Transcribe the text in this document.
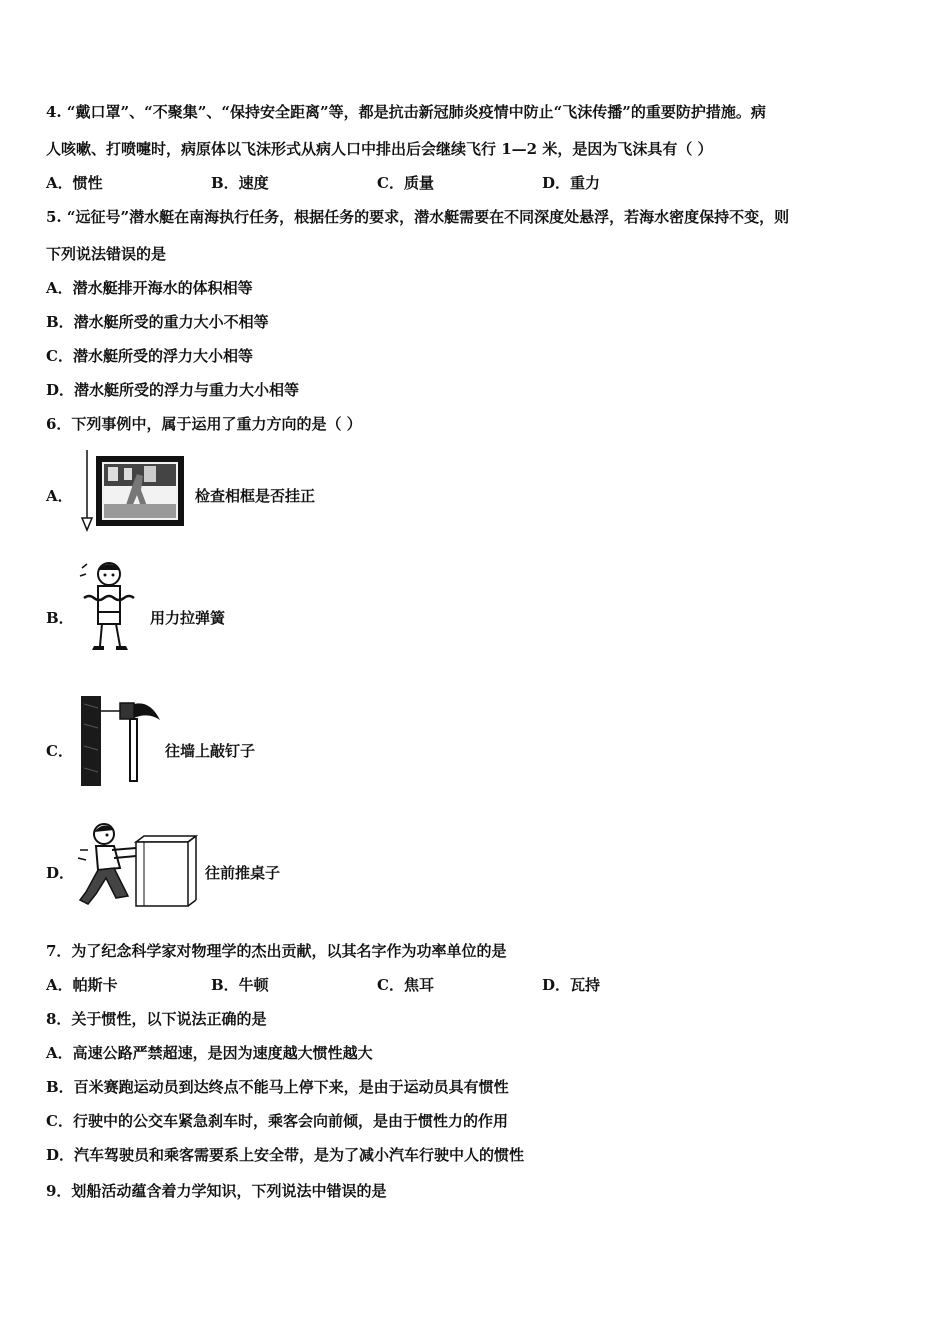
4. “戴口罩”、“不聚集”、“保持安全距离”等，都是抗击新冠肺炎疫情中防止“飞沫传播”的重要防护措施。病
人咳嗽、打喷嚏时，病原体以飞沫形式从病人口中排出后会继续飞行 1—2 米，是因为飞沫具有（ ）
A．惯性	B．速度	C．质量	D．重力
5. “远征号”潜水艇在南海执行任务，根据任务的要求，潜水艇需要在不同深度处悬浮，若海水密度保持不变，则
下列说法错误的是
A．潜水艇排开海水的体积相等
B．潜水艇所受的重力大小不相等
C．潜水艇所受的浮力大小相等
D．潜水艇所受的浮力与重力大小相等
6．下列事例中，属于运用了重力方向的是（ ）
A．	检查相框是否挂正
B．	用力拉弹簧
C．	往墙上敲钉子
D．	往前推桌子
7．为了纪念科学家对物理学的杰出贡献，以其名字作为功率单位的是
A．帕斯卡	B．牛顿	C．焦耳	D．瓦持
8．关于惯性，以下说法正确的是
A．高速公路严禁超速，是因为速度越大惯性越大
B．百米赛跑运动员到达终点不能马上停下来，是由于运动员具有惯性
C．行驶中的公交车紧急刹车时，乘客会向前倾，是由于惯性力的作用
D．汽车驾驶员和乘客需要系上安全带，是为了减小汽车行驶中人的惯性
9．划船活动蕴含着力学知识，下列说法中错误的是
